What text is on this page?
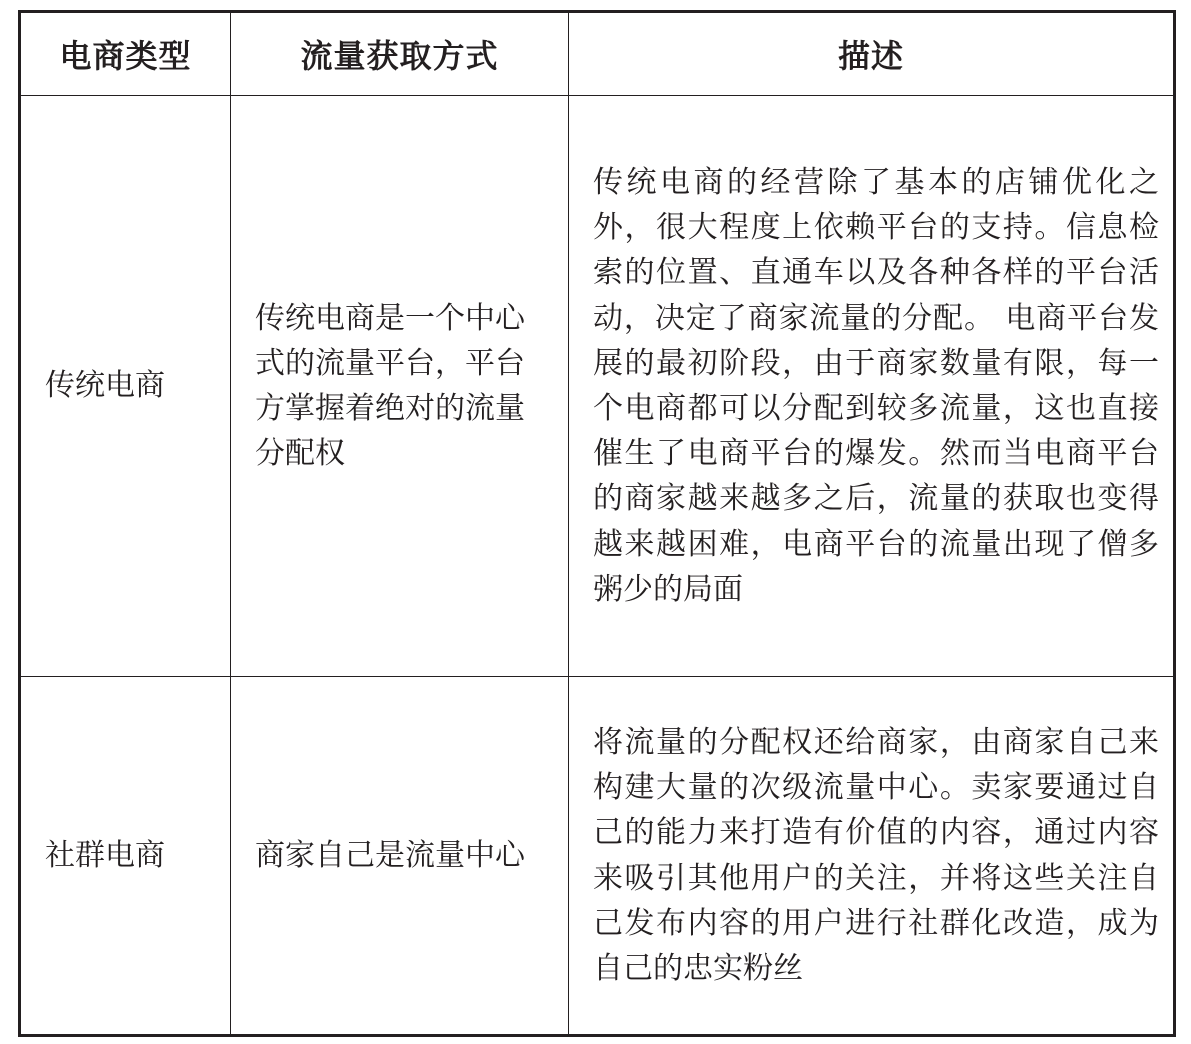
电商类型	流量获取方式	描述
传统电商	传统电商是一个中心式的流量平台，平台方掌握着绝对的流量分配权	传统电商的经营除了基本的店铺优化之外，很大程度上依赖平台的支持。信息检索的位置、直通车以及各种各样的平台活动，决定了商家流量的分配。 电商平台发展的最初阶段，由于商家数量有限，每一个电商都可以分配到较多流量，这也直接催生了电商平台的爆发。然而当电商平台的商家越来越多之后，流量的获取也变得越来越困难，电商平台的流量出现了僧多粥少的局面
社群电商	商家自己是流量中心	将流量的分配权还给商家，由商家自己来构建大量的次级流量中心。卖家要通过自己的能力来打造有价值的内容，通过内容来吸引其他用户的关注，并将这些关注自己发布内容的用户进行社群化改造，成为自己的忠实粉丝
